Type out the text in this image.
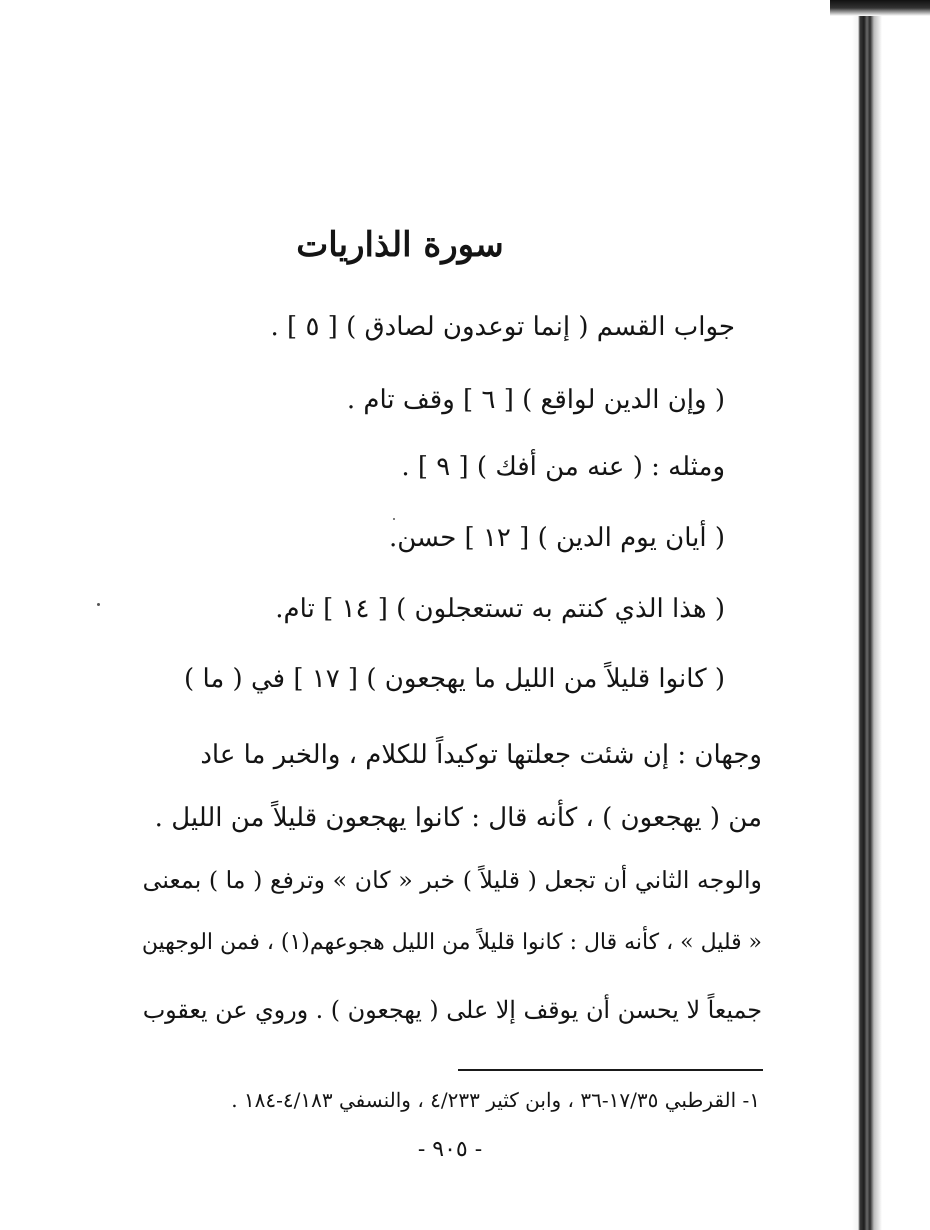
سورة الذاريات
جواب القسم ( إنما توعدون لصادق ) [ ٥ ] .
( وإن الدين لواقع ) [ ٦ ] وقف تام .
ومثله : ( عنه من أفك ) [ ٩ ] .
( أيان يوم الدين ) [ ١٢ ] حسن.
( هذا الذي كنتم به تستعجلون ) [ ١٤ ] تام.
( كانوا قليلاً من الليل ما يهجعون ) [ ١٧ ] في ( ما )
وجهان : إن شئت جعلتها توكيداً للكلام ، والخبر ما عاد
من ( يهجعون ) ، كأنه قال : كانوا يهجعون قليلاً من الليل .
والوجه الثاني أن تجعل ( قليلاً ) خبر « كان » وترفع ( ما ) بمعنى
« قليل » ، كأنه قال : كانوا قليلاً من الليل هجوعهم(١) ، فمن الوجهين
جميعاً لا يحسن أن يوقف إلا على ( يهجعون ) . وروي عن يعقوب
١- القرطبي ١٧/٣٥-٣٦ ، وابن كثير ٤/٢٣٣ ، والنسفي ٤/١٨٣-١٨٤ .
- ٩٠٥ -
